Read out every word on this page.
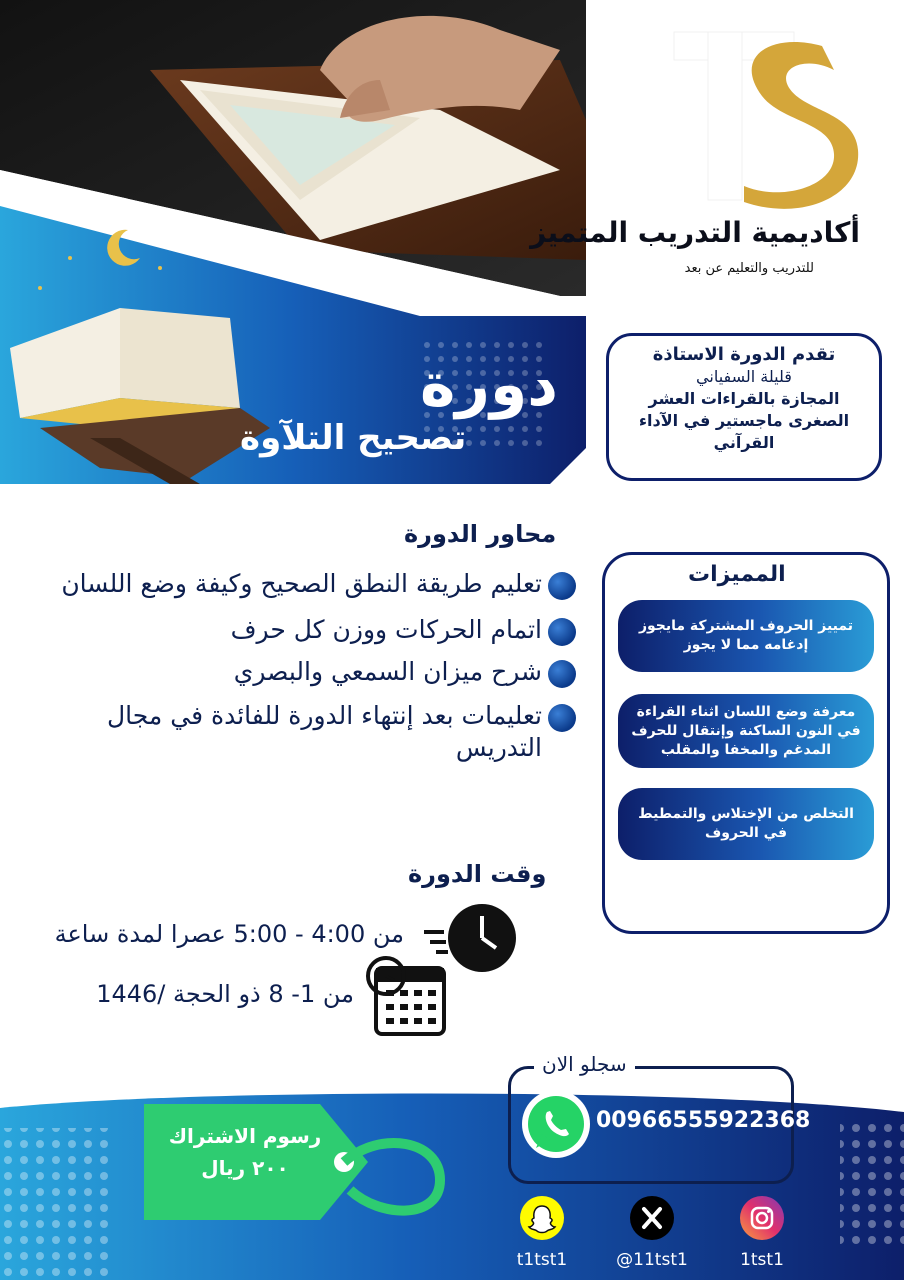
أكاديمية التدريب المتميز
للتدريب والتعليم عن بعد
دورة
تصحيح التلآوة
تقدم الدورة الاستاذة
قليلة السفياني
المجازة بالقراءات العشر الصغرى ماجستير في الآداء القرآني
محاور الدورة
تعليم طريقة النطق الصحيح وكيفة وضع اللسان
اتمام الحركات ووزن كل حرف
شرح ميزان السمعي والبصري
تعليمات بعد إنتهاء الدورة للفائدة في مجال التدريس
المميزات
تمييز الحروف المشتركة مايجوز إدغامه مما لا يجوز
معرفة وضع اللسان اثناء القراءة في النون الساكنة وإنتقال للحرف المدغم والمخفا والمقلب
التخلص من الإختلاس والتمطيط في الحروف
وقت الدورة
من 4:00 - 5:00 عصرا لمدة ساعة
من 1- 8 ذو الحجة /1446
رسوم الاشتراك
٢٠٠ ريال
سجلو الان
00966555922368
t1tst1	@11tst1	1tst1
